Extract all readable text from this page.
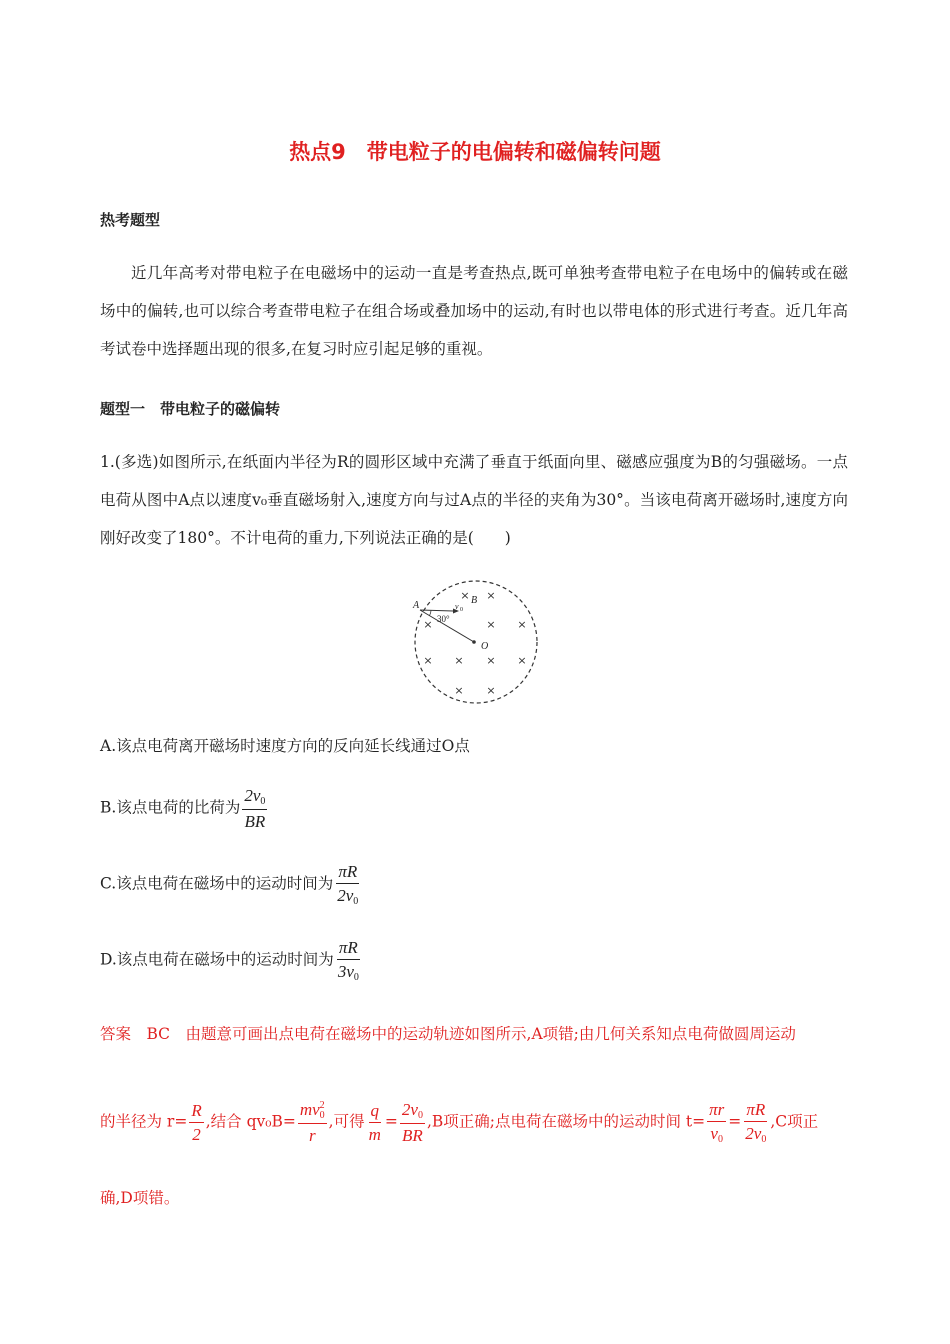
热点9　带电粒子的电偏转和磁偏转问题
热考题型
近几年高考对带电粒子在电磁场中的运动一直是考查热点,既可单独考查带电粒子在电场中的偏转或在磁场中的偏转,也可以综合考查带电粒子在组合场或叠加场中的运动,有时也以带电体的形式进行考查。近几年高考试卷中选择题出现的很多,在复习时应引起足够的重视。
题型一　带电粒子的磁偏转
1.(多选)如图所示,在纸面内半径为R的圆形区域中充满了垂直于纸面向里、磁感应强度为B的匀强磁场。一点电荷从图中A点以速度v₀垂直磁场射入,速度方向与过A点的半径的夹角为30°。当该电荷离开磁场时,速度方向刚好改变了180°。不计电荷的重力,下列说法正确的是(　　)
× ×
×	× ×
× × × ×
× ×
A	B
O
v 0
30°
A.该点电荷离开磁场时速度方向的反向延长线通过O点
B.该点电荷的比荷为 $\frac{2v_0}{BR}$
C.该点电荷在磁场中的运动时间为 $\frac{\pi R}{2v_0}$
D.该点电荷在磁场中的运动时间为 $\frac{\pi R}{3v_0}$
答案　BC　由题意可画出点电荷在磁场中的运动轨迹如图所示,A项错;由几何关系知点电荷做圆周运动
的半径为 $r= \frac{R}{2}$ ,结合 $qv_0B= \frac{mv^2_0}{r}$ ,可得 $\frac{q}{m} = \frac{2v_0}{BR} ,B$项正确;点电荷在磁场中的运动时间 $t= \frac{\pi r}{v_0} = \frac{\pi R}{2v_0} ,C$项正
确,D项错。
